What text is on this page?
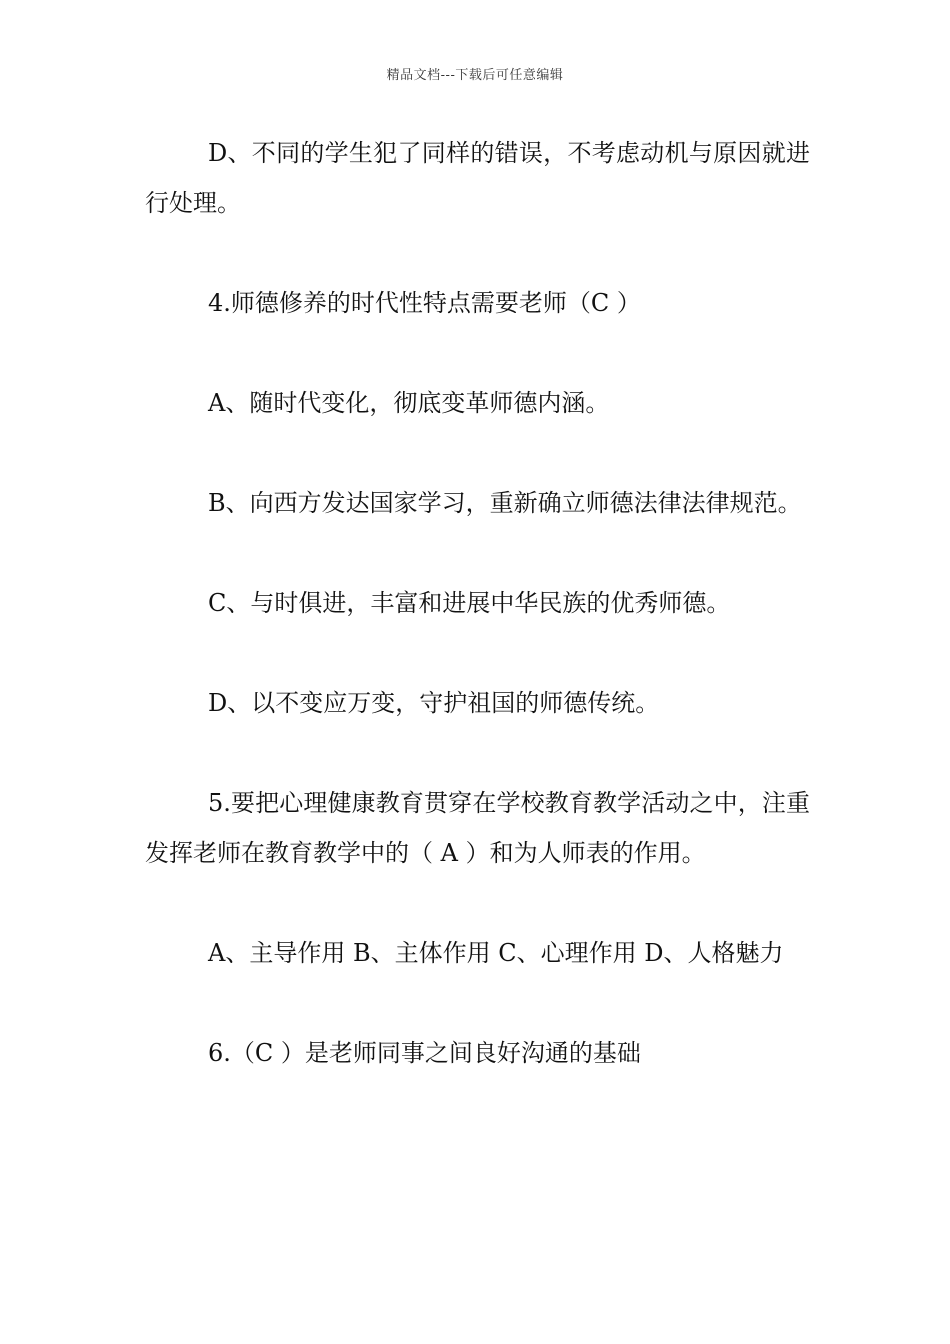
精品文档---下载后可任意编辑

D、不同的学生犯了同样的错误，不考虑动机与原因就进行处理。

4.师德修养的时代性特点需要老师（C ）

A、随时代变化，彻底变革师德内涵。

B、向西方发达国家学习，重新确立师德法律法律规范。

C、与时俱进，丰富和进展中华民族的优秀师德。

D、以不变应万变，守护祖国的师德传统。

5.要把心理健康教育贯穿在学校教育教学活动之中，注重发挥老师在教育教学中的（ A ）和为人师表的作用。

A、主导作用 B、主体作用 C、心理作用 D、人格魅力

6.（C ）是老师同事之间良好沟通的基础
